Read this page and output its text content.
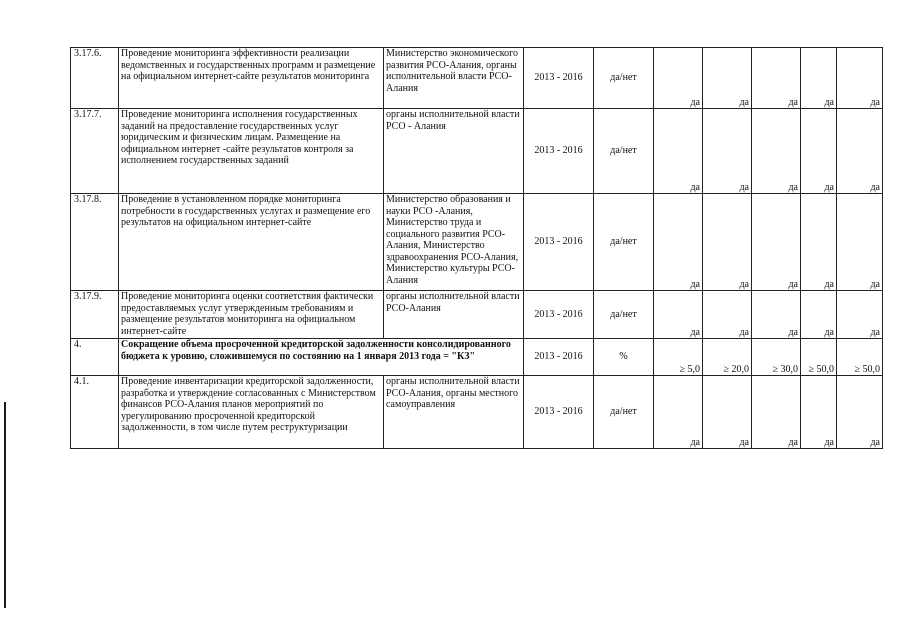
3.17.6.	Проведение мониторинга эффективности реализации ведомственных и государственных программ и размещение на официальном интернет-сайте результатов мониторинга	Министерство экономического развития РСО-Алания, органы исполнительной власти РСО-Алания	2013 - 2016	да/нет	да	да	да	да	да
3.17.7.	Проведение мониторинга исполнения государственных заданий на предоставление государственных услуг юридическим и физическим лицам. Размещение на официальном интернет -сайте результатов контроля за исполнением государственных заданий	органы исполнительной власти РСО - Алания	2013 - 2016	да/нет	да	да	да	да	да
3.17.8.	Проведение в установленном порядке мониторинга потребности в государственных услугах и размещение его результатов на официальном интернет-сайте	Министерство образования и науки РСО -Алания, Министерство труда и социального развития РСО-Алания, Министерство здравоохранения РСО-Алания, Министерство культуры РСО-Алания	2013 - 2016	да/нет	да	да	да	да	да
3.17.9.	Проведение мониторинга оценки соответствия фактически предоставляемых услуг утвержденным требованиям и размещение результатов мониторинга на официальном интернет-сайте	органы исполнительной власти РСО-Алания	2013 - 2016	да/нет	да	да	да	да	да
4.	Сокращение объема просроченной кредиторской задолженности консолидированного бюджета к уровню, сложившемуся по состоянию на 1 января 2013 года = "КЗ"		2013 - 2016	%	≥ 5,0	≥ 20,0	≥ 30,0	≥ 50,0	≥ 50,0
4.1.	Проведение инвентаризации кредиторской задолженности, разработка и утверждение согласованных с Министерством финансов РСО-Алания планов мероприятий по урегулированию просроченной кредиторской задолженности, в том числе путем реструктуризации	органы исполнительной власти РСО-Алания, органы местного самоуправления	2013 - 2016	да/нет	да	да	да	да	да
